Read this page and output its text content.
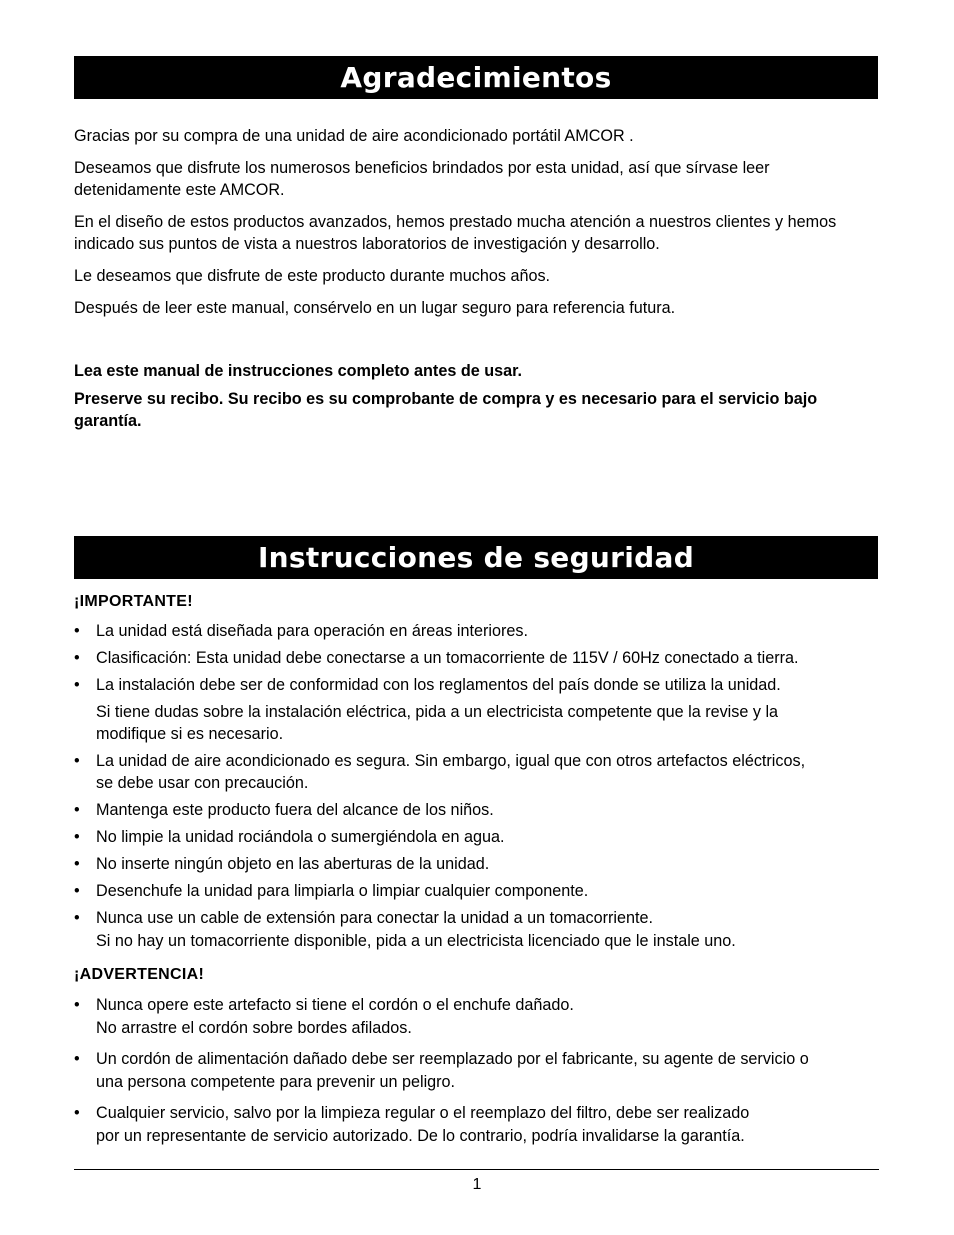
Agradecimientos

Gracias por su compra de una unidad de aire acondicionado portátil AMCOR .

Deseamos que disfrute los numerosos beneficios brindados por esta unidad, así que sírvase leer detenidamente este AMCOR.

En el diseño de estos productos avanzados, hemos prestado mucha atención a nuestros clientes y hemos indicado sus puntos de vista a nuestros laboratorios de investigación y desarrollo.

Le deseamos que disfrute de este producto durante muchos años.

Después de leer este manual, consérvelo en un lugar seguro para referencia futura.

Lea este manual de instrucciones completo antes de usar.

Preserve su recibo. Su recibo es su comprobante de compra y es necesario para el servicio bajo garantía.

Instrucciones de seguridad
¡IMPORTANTE!
•	La unidad está diseñada para operación en áreas interiores.
•	Clasificación: Esta unidad debe conectarse a un tomacorriente de 115V / 60Hz conectado a tierra.
•	La instalación debe ser de conformidad con los reglamentos del país donde se utiliza la unidad.
Si tiene dudas sobre la instalación eléctrica, pida a un electricista competente que la revise y la
modifique si es necesario.
•	La unidad de aire acondicionado es segura. Sin embargo, igual que con otros artefactos eléctricos,
se debe usar con precaución.
•	Mantenga este producto fuera del alcance de los niños.
•	No limpie la unidad rociándola o sumergiéndola en agua.
•	No inserte ningún objeto en las aberturas de la unidad.
•	Desenchufe la unidad para limpiarla o limpiar cualquier componente.
•	Nunca use un cable de extensión para conectar la unidad a un tomacorriente.
Si no hay un tomacorriente disponible, pida a un electricista licenciado que le instale uno.
¡ADVERTENCIA!
•	Nunca opere este artefacto si tiene el cordón o el enchufe dañado.
No arrastre el cordón sobre bordes afilados.
•	Un cordón de alimentación dañado debe ser reemplazado por el fabricante, su agente de servicio o
una persona competente para prevenir un peligro.
•	Cualquier servicio, salvo por la limpieza regular o el reemplazo del filtro, debe ser realizado
por un representante de servicio autorizado. De lo contrario, podría invalidarse la garantía.
1
